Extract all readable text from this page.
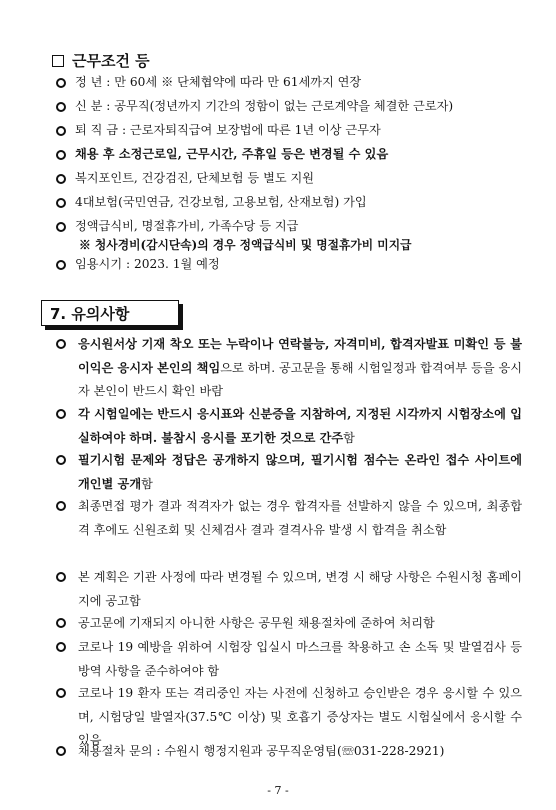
근무조건 등
정 년 : 만 60세 ※ 단체협약에 따라 만 61세까지 연장
신 분 : 공무직(정년까지 기간의 정함이 없는 근로계약을 체결한 근로자)
퇴 직 금 : 근로자퇴직급여 보장법에 따른 1년 이상 근무자
채용 후 소정근로일, 근무시간, 주휴일 등은 변경될 수 있음
복지포인트, 건강검진, 단체보험 등 별도 지원
4대보험(국민연금, 건강보험, 고용보험, 산재보험) 가입
정액급식비, 명절휴가비, 가족수당 등 지급
※ 청사경비(감시단속)의 경우 정액급식비 및 명절휴가비 미지급
임용시기 : 2023. 1월 예정
7. 유의사항
응시원서상 기재 착오 또는 누락이나 연락불능, 자격미비, 합격자발표 미확인 등 불이익은 응시자 본인의 책임으로 하며. 공고문을 통해 시험일정과 합격여부 등을 응시자 본인이 반드시 확인 바람
각 시험일에는 반드시 응시표와 신분증을 지참하여, 지정된 시각까지 시험장소에 입실하여야 하며. 불참시 응시를 포기한 것으로 간주함
필기시험 문제와 정답은 공개하지 않으며, 필기시험 점수는 온라인 접수 사이트에 개인별 공개함
최종면접 평가 결과 적격자가 없는 경우 합격자를 선발하지 않을 수 있으며, 최종합격 후에도 신원조회 및 신체검사 결과 결격사유 발생 시 합격을 취소함
본 계획은 기관 사정에 따라 변경될 수 있으며, 변경 시 해당 사항은 수원시청 홈페이지에 공고함
공고문에 기재되지 아니한 사항은 공무원 채용절차에 준하여 처리함
코로나 19 예방을 위하여 시험장 입실시 마스크를 착용하고 손 소독 및 발열검사 등 방역 사항을 준수하여야 함
코로나 19 환자 또는 격리중인 자는 사전에 신청하고 승인받은 경우 응시할 수 있으며, 시험당일 발열자(37.5℃ 이상) 및 호흡기 증상자는 별도 시험실에서 응시할 수 있음
채용절차 문의 : 수원시 행정지원과 공무직운영팀(☏031-228-2921)
- 7 -
